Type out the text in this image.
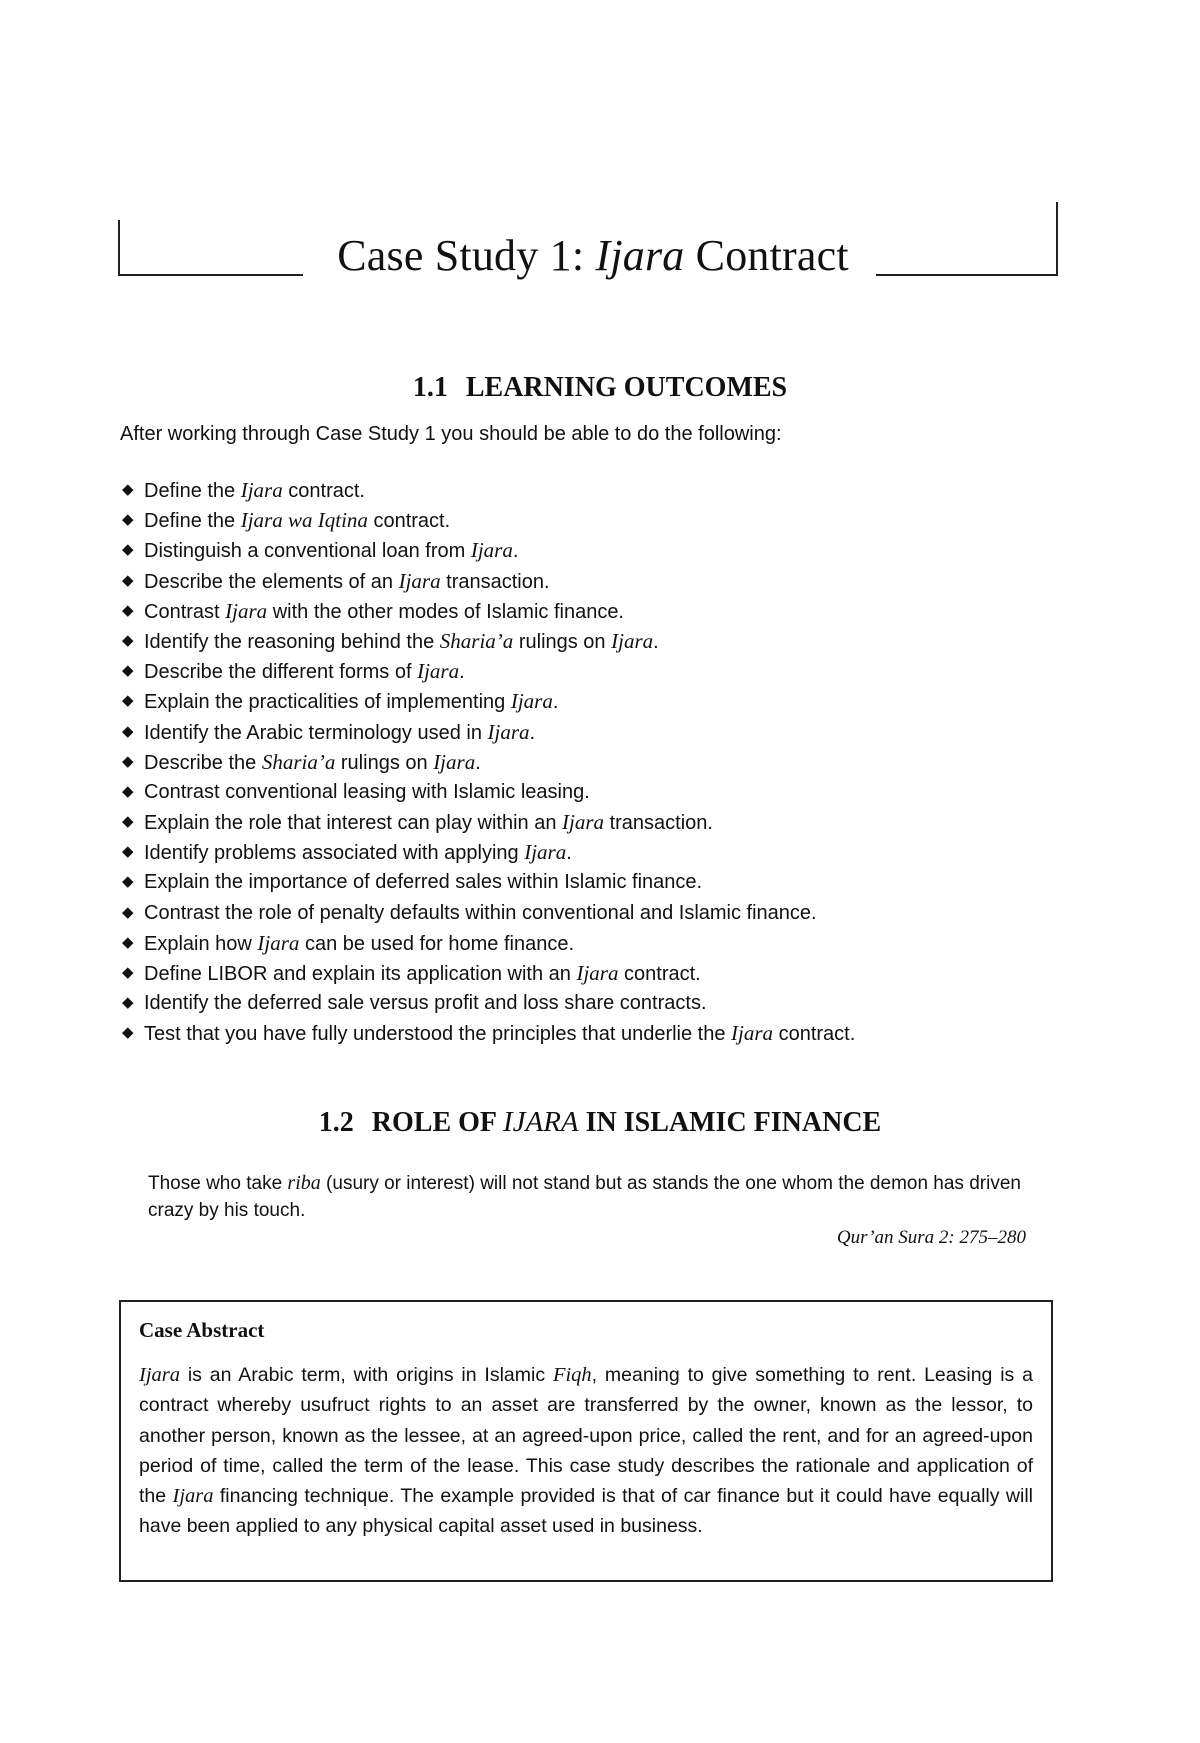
Case Study 1: Ijara Contract
1.1 LEARNING OUTCOMES
After working through Case Study 1 you should be able to do the following:
◆ Define the Ijara contract.
◆ Define the Ijara wa Iqtina contract.
◆ Distinguish a conventional loan from Ijara.
◆ Describe the elements of an Ijara transaction.
◆ Contrast Ijara with the other modes of Islamic finance.
◆ Identify the reasoning behind the Sharia’a rulings on Ijara.
◆ Describe the different forms of Ijara.
◆ Explain the practicalities of implementing Ijara.
◆ Identify the Arabic terminology used in Ijara.
◆ Describe the Sharia’a rulings on Ijara.
◆ Contrast conventional leasing with Islamic leasing.
◆ Explain the role that interest can play within an Ijara transaction.
◆ Identify problems associated with applying Ijara.
◆ Explain the importance of deferred sales within Islamic finance.
◆ Contrast the role of penalty defaults within conventional and Islamic finance.
◆ Explain how Ijara can be used for home finance.
◆ Define LIBOR and explain its application with an Ijara contract.
◆ Identify the deferred sale versus profit and loss share contracts.
◆ Test that you have fully understood the principles that underlie the Ijara contract.
1.2 ROLE OF IJARA IN ISLAMIC FINANCE
Those who take riba (usury or interest) will not stand but as stands the one whom the demon has driven crazy by his touch.
Qur’an Sura 2: 275–280
Case Abstract
Ijara is an Arabic term, with origins in Islamic Fiqh, meaning to give something to rent. Leasing is a contract whereby usufruct rights to an asset are transferred by the owner, known as the lessor, to another person, known as the lessee, at an agreed-upon price, called the rent, and for an agreed-upon period of time, called the term of the lease. This case study describes the rationale and application of the Ijara financing technique. The example provided is that of car finance but it could have equally will have been applied to any physical capital asset used in business.
